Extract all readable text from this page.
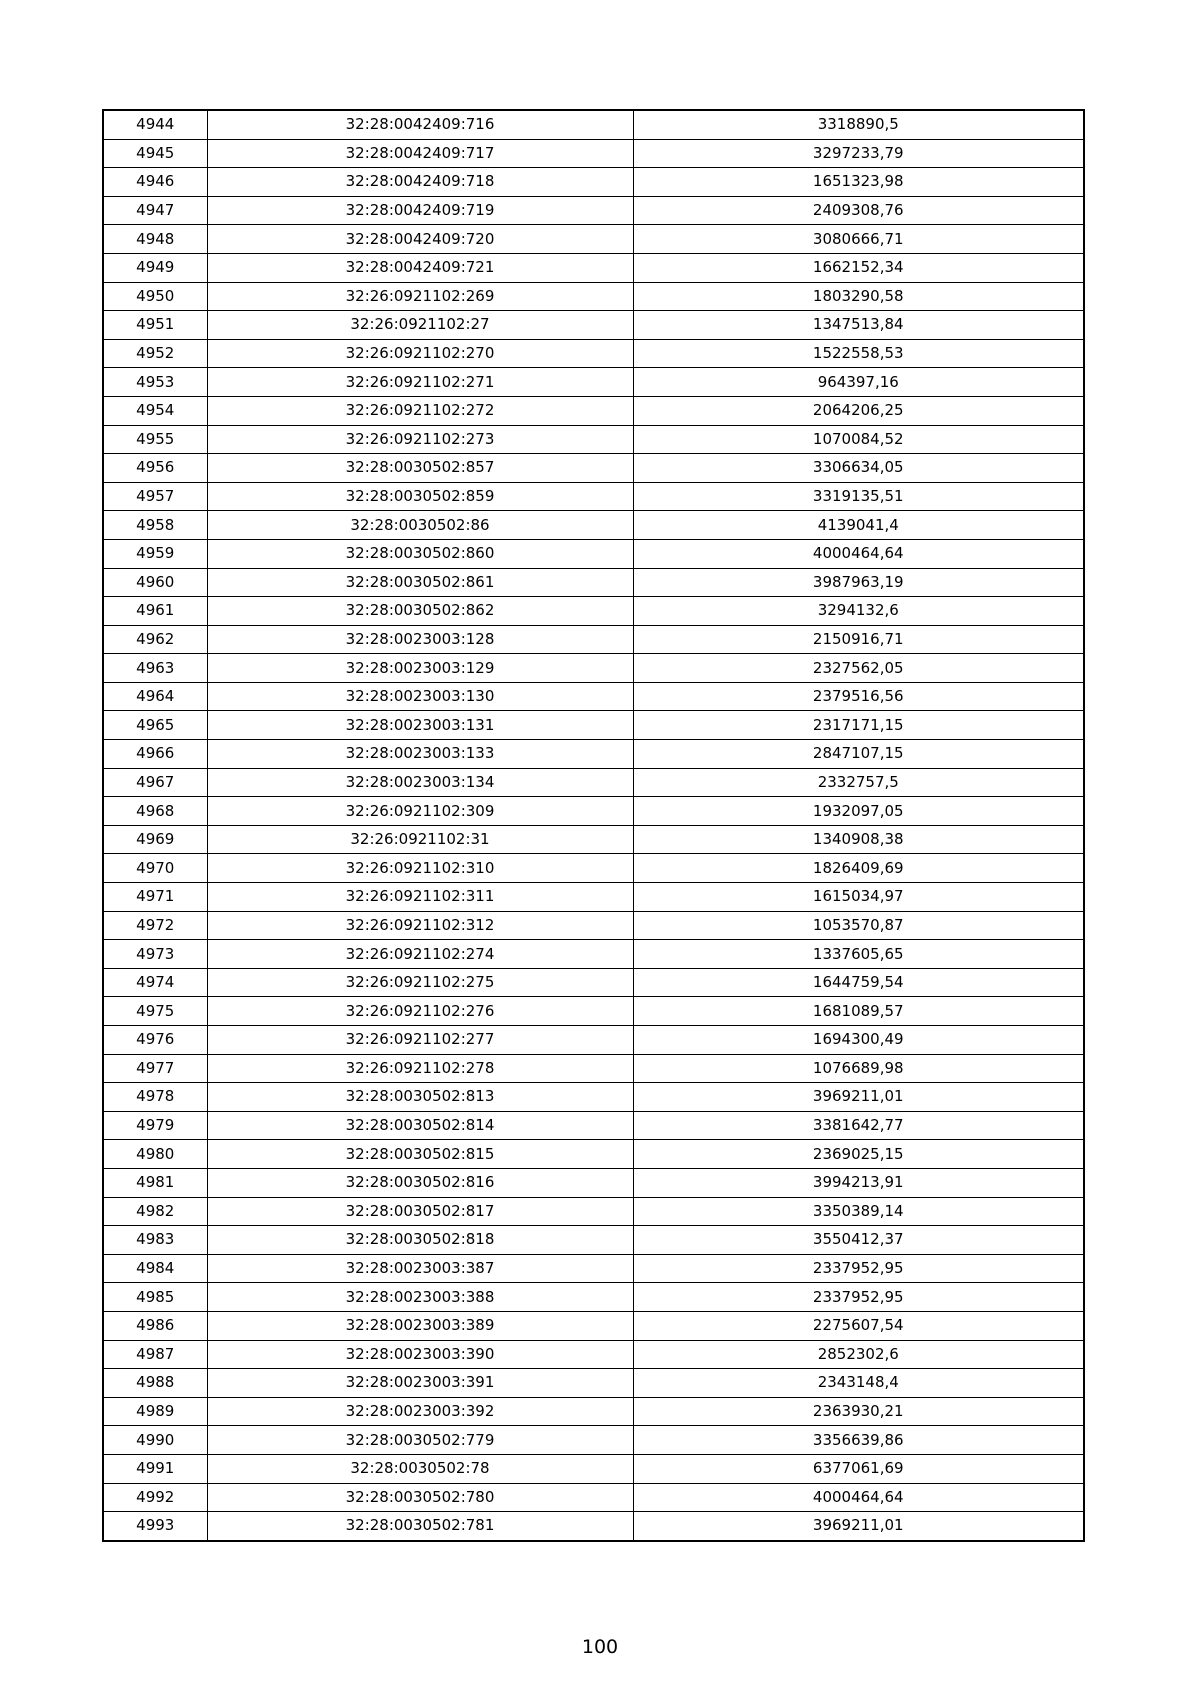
4944	32:28:0042409:716	3318890,5
4945	32:28:0042409:717	3297233,79
4946	32:28:0042409:718	1651323,98
4947	32:28:0042409:719	2409308,76
4948	32:28:0042409:720	3080666,71
4949	32:28:0042409:721	1662152,34
4950	32:26:0921102:269	1803290,58
4951	32:26:0921102:27	1347513,84
4952	32:26:0921102:270	1522558,53
4953	32:26:0921102:271	964397,16
4954	32:26:0921102:272	2064206,25
4955	32:26:0921102:273	1070084,52
4956	32:28:0030502:857	3306634,05
4957	32:28:0030502:859	3319135,51
4958	32:28:0030502:86	4139041,4
4959	32:28:0030502:860	4000464,64
4960	32:28:0030502:861	3987963,19
4961	32:28:0030502:862	3294132,6
4962	32:28:0023003:128	2150916,71
4963	32:28:0023003:129	2327562,05
4964	32:28:0023003:130	2379516,56
4965	32:28:0023003:131	2317171,15
4966	32:28:0023003:133	2847107,15
4967	32:28:0023003:134	2332757,5
4968	32:26:0921102:309	1932097,05
4969	32:26:0921102:31	1340908,38
4970	32:26:0921102:310	1826409,69
4971	32:26:0921102:311	1615034,97
4972	32:26:0921102:312	1053570,87
4973	32:26:0921102:274	1337605,65
4974	32:26:0921102:275	1644759,54
4975	32:26:0921102:276	1681089,57
4976	32:26:0921102:277	1694300,49
4977	32:26:0921102:278	1076689,98
4978	32:28:0030502:813	3969211,01
4979	32:28:0030502:814	3381642,77
4980	32:28:0030502:815	2369025,15
4981	32:28:0030502:816	3994213,91
4982	32:28:0030502:817	3350389,14
4983	32:28:0030502:818	3550412,37
4984	32:28:0023003:387	2337952,95
4985	32:28:0023003:388	2337952,95
4986	32:28:0023003:389	2275607,54
4987	32:28:0023003:390	2852302,6
4988	32:28:0023003:391	2343148,4
4989	32:28:0023003:392	2363930,21
4990	32:28:0030502:779	3356639,86
4991	32:28:0030502:78	6377061,69
4992	32:28:0030502:780	4000464,64
4993	32:28:0030502:781	3969211,01
100
